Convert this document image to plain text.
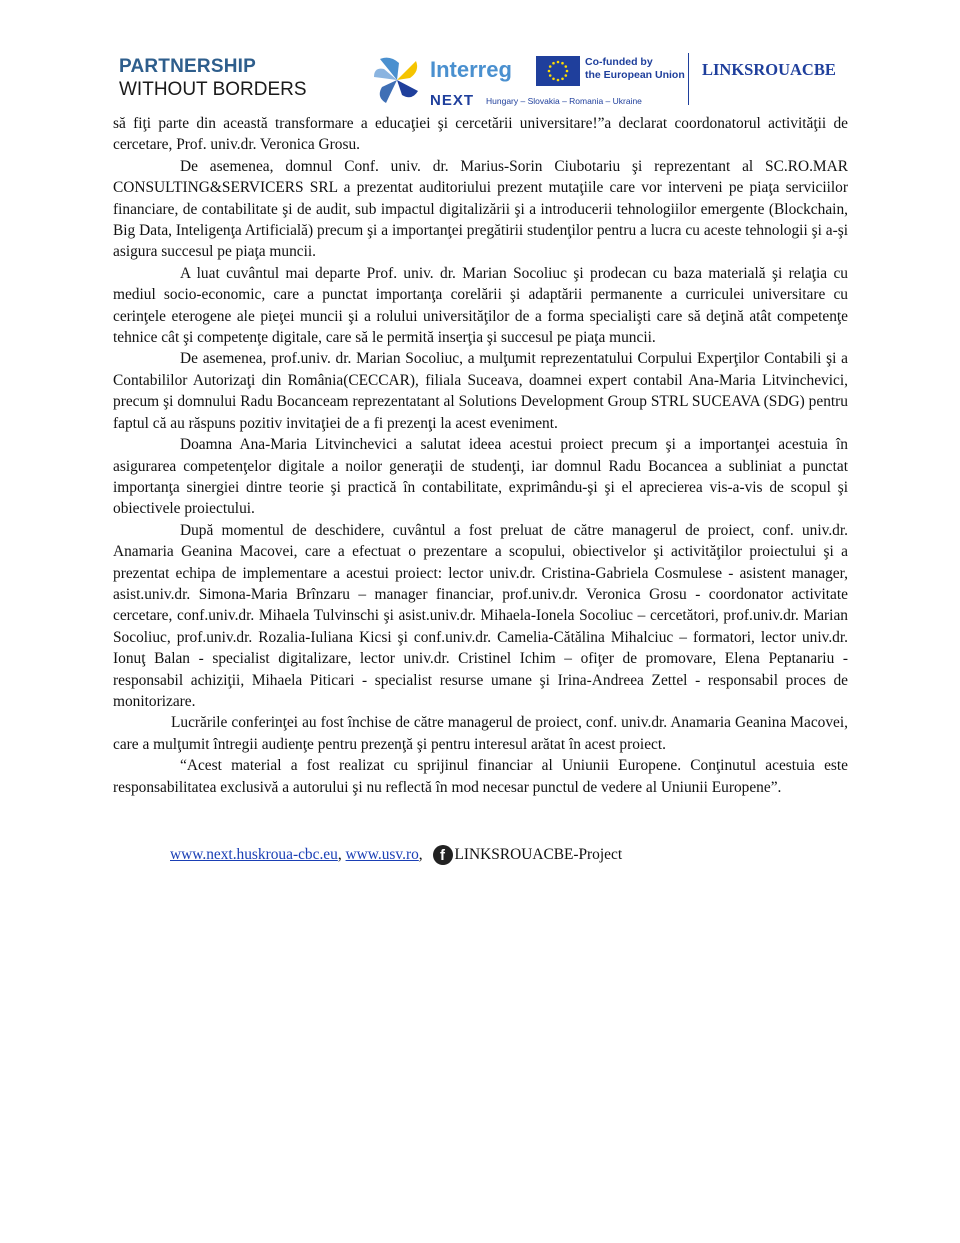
PARTNERSHIP
WITHOUT BORDERS
Interreg	Co-funded by
the European Union
NEXT Hungary – Slovakia – Romania – Ukraine
LINKSROUACBE

să fiţi parte din această transformare a educaţiei şi cercetării universitare!”a declarat coordonatorul activităţii de cercetare, Prof. univ.dr. Veronica Grosu.

De asemenea, domnul Conf. univ. dr. Marius-Sorin Ciubotariu şi reprezentant al SC.RO.MAR CONSULTING&SERVICERS SRL a prezentat auditoriului prezent mutaţiile care vor interveni pe piaţa serviciilor financiare, de contabilitate şi de audit, sub impactul digitalizării şi a introducerii tehnologiilor emergente (Blockchain, Big Data, Inteligenţa Artificială) precum şi a importanţei pregătirii studenţilor pentru a lucra cu aceste tehnologii şi a-şi asigura succesul pe piaţa muncii.

A luat cuvântul mai departe Prof. univ. dr. Marian Socoliuc şi prodecan cu baza materială şi relaţia cu mediul socio-economic, care a punctat importanţa corelării şi adaptării permanente a curriculei universitare cu cerinţele eterogene ale pieţei muncii şi a rolului universităţilor de a forma specialişti care să deţină atât competenţe tehnice cât şi competenţe digitale, care să le permită inserţia şi succesul pe piaţa muncii.

De asemenea, prof.univ. dr. Marian Socoliuc, a mulţumit reprezentatului Corpului Experţilor Contabili şi a Contabililor Autorizaţi din România(CECCAR), filiala Suceava, doamnei expert contabil Ana-Maria Litvinchevici, precum şi domnului Radu Bocanceam reprezentatant al Solutions Development Group STRL SUCEAVA (SDG) pentru faptul că au răspuns pozitiv invitaţiei de a fi prezenţi la acest eveniment.

Doamna Ana-Maria Litvinchevici a salutat ideea acestui proiect precum şi a importanţei acestuia în asigurarea competenţelor digitale a noilor generaţii de studenţi, iar domnul Radu Bocancea a subliniat a punctat importanţa sinergiei dintre teorie şi practică în contabilitate, exprimându-şi şi el aprecierea vis-a-vis de scopul şi obiectivele proiectului.

După momentul de deschidere, cuvântul a fost preluat de către managerul de proiect, conf. univ.dr. Anamaria Geanina Macovei, care a efectuat o prezentare a scopului, obiectivelor şi activităţilor proiectului şi a prezentat echipa de implementare a acestui proiect: lector univ.dr. Cristina-Gabriela Cosmulese - asistent manager, asist.univ.dr. Simona-Maria Brînzaru – manager financiar, prof.univ.dr. Veronica Grosu - coordonator activitate cercetare, conf.univ.dr. Mihaela Tulvinschi şi asist.univ.dr. Mihaela-Ionela Socoliuc – cercetători, prof.univ.dr. Marian Socoliuc, prof.univ.dr. Rozalia-Iuliana Kicsi şi conf.univ.dr. Camelia-Cătălina Mihalciuc – formatori, lector univ.dr. Ionuţ Balan - specialist digitalizare, lector univ.dr. Cristinel Ichim – ofiţer de promovare, Elena Peptanariu - responsabil achiziţii, Mihaela Piticari - specialist resurse umane şi Irina-Andreea Zettel - responsabil proces de monitorizare.

Lucrările conferinţei au fost închise de către managerul de proiect, conf. univ.dr. Anamaria Geanina Macovei, care a mulţumit întregii audienţe pentru prezenţă şi pentru interesul arătat în acest proiect.

“Acest material a fost realizat cu sprijinul financiar al Uniunii Europene. Conţinutul acestuia este responsabilitatea exclusivă a autorului şi nu reflectă în mod necesar punctul de vedere al Uniunii Europene”.

www.next.huskroua-cbc.eu, www.usv.ro, f LINKSROUACBE-Project
